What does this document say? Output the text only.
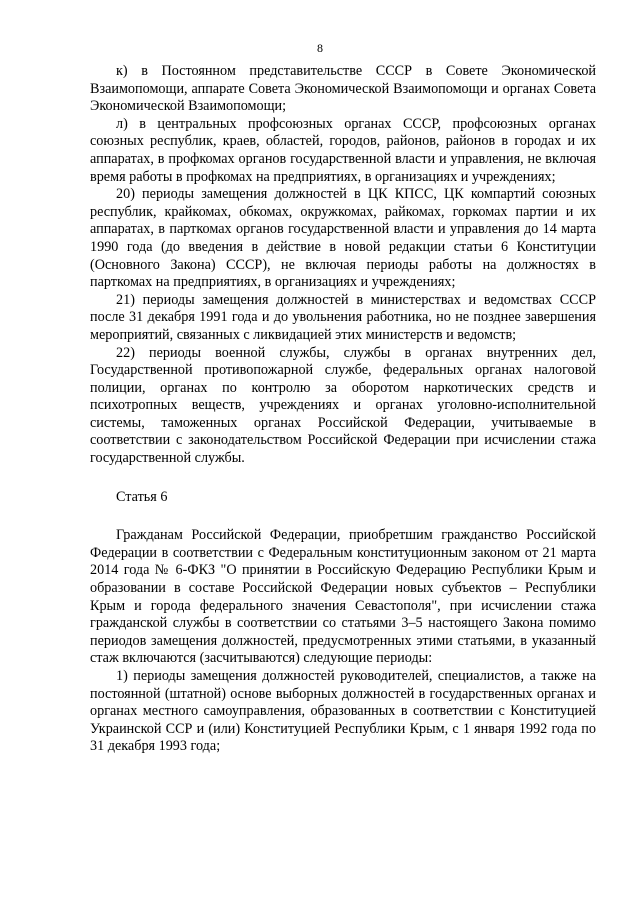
8

к) в Постоянном представительстве СССР в Совете Экономической Взаимопомощи, аппарате Совета Экономической Взаимопомощи и органах Совета Экономической Взаимопомощи;

л) в центральных профсоюзных органах СССР, профсоюзных органах союзных республик, краев, областей, городов, районов, районов в городах и их аппаратах, в профкомах органов государственной власти и управления, не включая время работы в профкомах на предприятиях, в организациях и учреждениях;

20) периоды замещения должностей в ЦК КПСС, ЦК компартий союзных республик, крайкомах, обкомах, окружкомах, райкомах, горкомах партии и их аппаратах, в парткомах органов государственной власти и управления до 14 марта 1990 года (до введения в действие в новой редакции статьи 6 Конституции (Основного Закона) СССР), не включая периоды работы на должностях в парткомах на предприятиях, в организациях и учреждениях;

21) периоды замещения должностей в министерствах и ведомствах СССР после 31 декабря 1991 года и до увольнения работника, но не позднее завершения мероприятий, связанных с ликвидацией этих министерств и ведомств;

22) периоды военной службы, службы в органах внутренних дел, Государственной противопожарной службе, федеральных органах налоговой полиции, органах по контролю за оборотом наркотических средств и психотропных веществ, учреждениях и органах уголовно-исполнительной системы, таможенных органах Российской Федерации, учитываемые в соответствии с законодательством Российской Федерации при исчислении стажа государственной службы.

Статья 6

Гражданам Российской Федерации, приобретшим гражданство Российской Федерации в соответствии с Федеральным конституционным законом от 21 марта 2014 года № 6-ФКЗ "О принятии в Российскую Федерацию Республики Крым и образовании в составе Российской Федерации новых субъектов – Республики Крым и города федерального значения Севастополя", при исчислении стажа гражданской службы в соответствии со статьями 3–5 настоящего Закона помимо периодов замещения должностей, предусмотренных этими статьями, в указанный стаж включаются (засчитываются) следующие периоды:

1) периоды замещения должностей руководителей, специалистов, а также на постоянной (штатной) основе выборных должностей в государственных органах и органах местного самоуправления, образованных в соответствии с Конституцией Украинской ССР и (или) Конституцией Республики Крым, с 1 января 1992 года по 31 декабря 1993 года;
